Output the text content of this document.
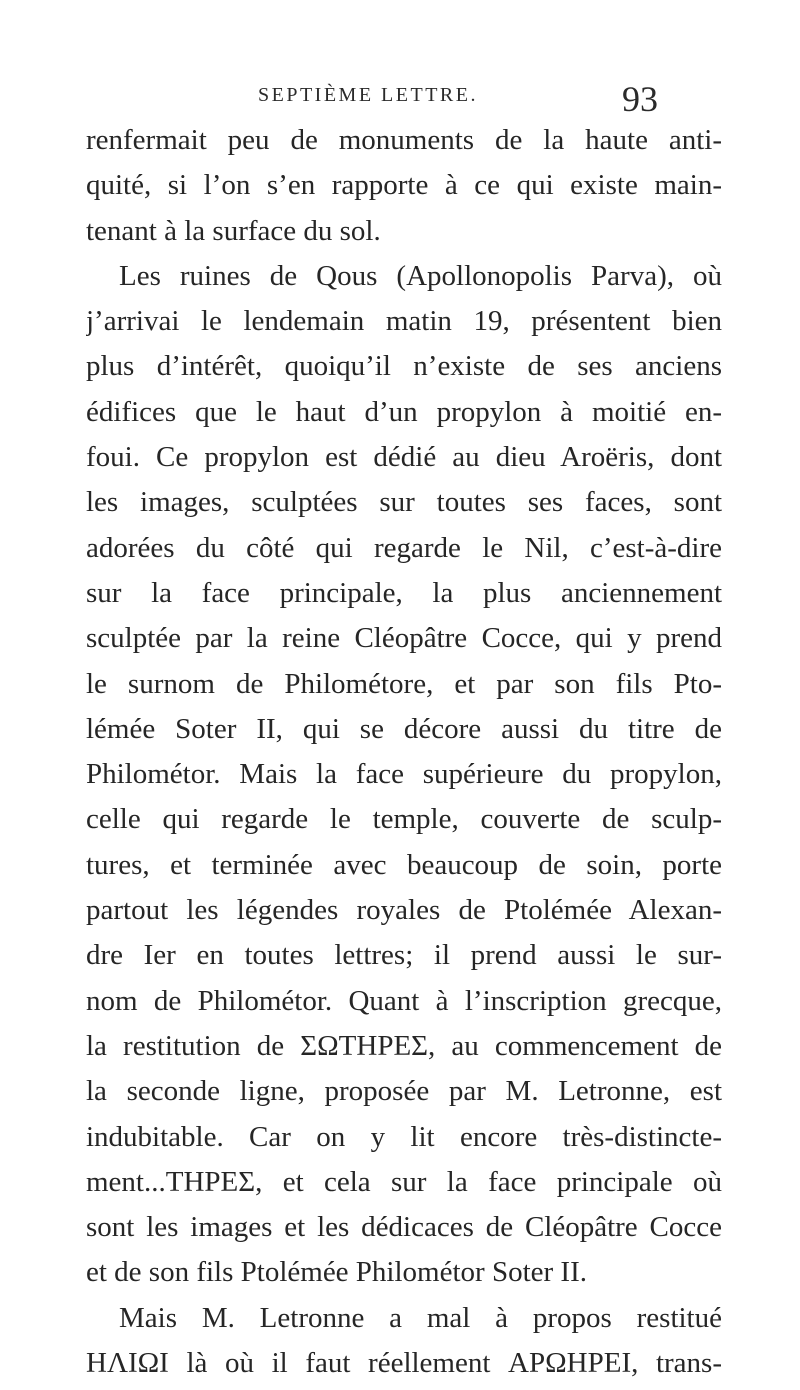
SEPTIÈME LETTRE.	93
renfermait peu de monuments de la haute anti-
quité, si l’on s’en rapporte à ce qui existe main-
tenant à la surface du sol.
Les ruines de Qous (Apollonopolis Parva), où
j’arrivai le lendemain matin 19, présentent bien
plus d’intérêt, quoiqu’il n’existe de ses anciens
édifices que le haut d’un propylon à moitié en-
foui. Ce propylon est dédié au dieu Aroëris, dont
les images, sculptées sur toutes ses faces, sont
adorées du côté qui regarde le Nil, c’est-à-dire
sur la face principale, la plus anciennement
sculptée par la reine Cléopâtre Cocce, qui y prend
le surnom de Philométore, et par son fils Pto-
lémée Soter II, qui se décore aussi du titre de
Philométor. Mais la face supérieure du propylon,
celle qui regarde le temple, couverte de sculp-
tures, et terminée avec beaucoup de soin, porte
partout les légendes royales de Ptolémée Alexan-
dre Ier en toutes lettres; il prend aussi le sur-
nom de Philométor. Quant à l’inscription grecque,
la restitution de ΣΩΤΗΡΕΣ, au commencement de
la seconde ligne, proposée par M. Letronne, est
indubitable. Car on y lit encore très-distincte-
ment...ΤΗΡΕΣ, et cela sur la face principale où
sont les images et les dédicaces de Cléopâtre Cocce
et de son fils Ptolémée Philométor Soter II.
Mais M. Letronne a mal à propos restitué
ΗΛΙΩΙ là où il faut réellement ΑΡΩΗΡΕΙ, trans-
